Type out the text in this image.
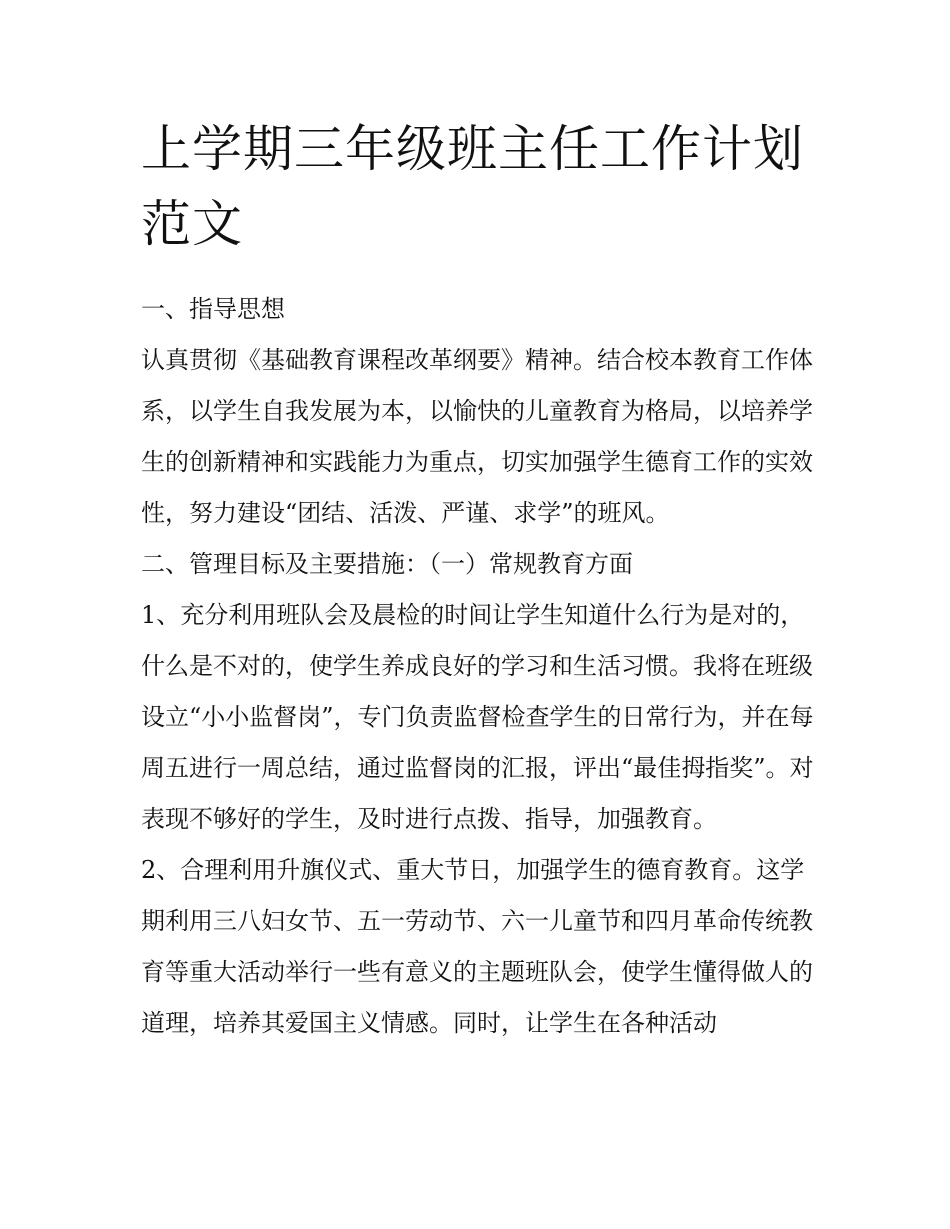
上学期三年级班主任工作计划范文

一、指导思想

认真贯彻《基础教育课程改革纲要》精神。结合校本教育工作体系，以学生自我发展为本，以愉快的儿童教育为格局，以培养学生的创新精神和实践能力为重点，切实加强学生德育工作的实效性，努力建设“团结、活泼、严谨、求学”的班风。

二、管理目标及主要措施：（一）常规教育方面

1、充分利用班队会及晨检的时间让学生知道什么行为是对的，什么是不对的，使学生养成良好的学习和生活习惯。我将在班级设立“小小监督岗”，专门负责监督检查学生的日常行为，并在每周五进行一周总结，通过监督岗的汇报，评出“最佳拇指奖”。对表现不够好的学生，及时进行点拨、指导，加强教育。

2、合理利用升旗仪式、重大节日，加强学生的德育教育。这学期利用三八妇女节、五一劳动节、六一儿童节和四月革命传统教育等重大活动举行一些有意义的主题班队会，使学生懂得做人的道理，培养其爱国主义情感。同时，让学生在各种活动
